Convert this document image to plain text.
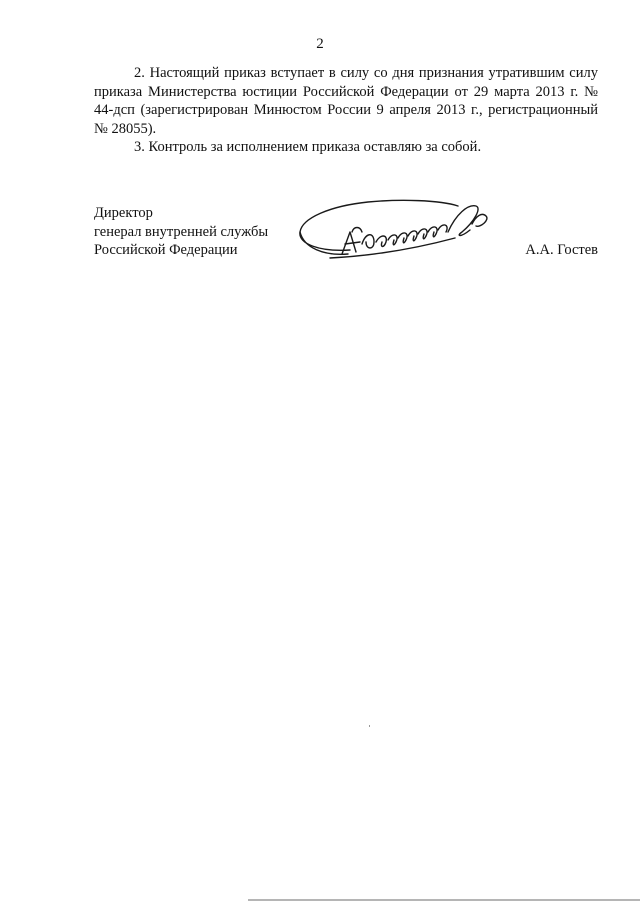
2

2. Настоящий приказ вступает в силу со дня признания утратившим силу приказа Министерства юстиции Российской Федерации от 29 марта 2013 г. № 44-дсп (зарегистрирован Минюстом России 9 апреля 2013 г., регистрационный № 28055).

3. Контроль за исполнением приказа оставляю за собой.

Директор
генерал внутренней службы
Российской Федерации	А.А. Гостев
